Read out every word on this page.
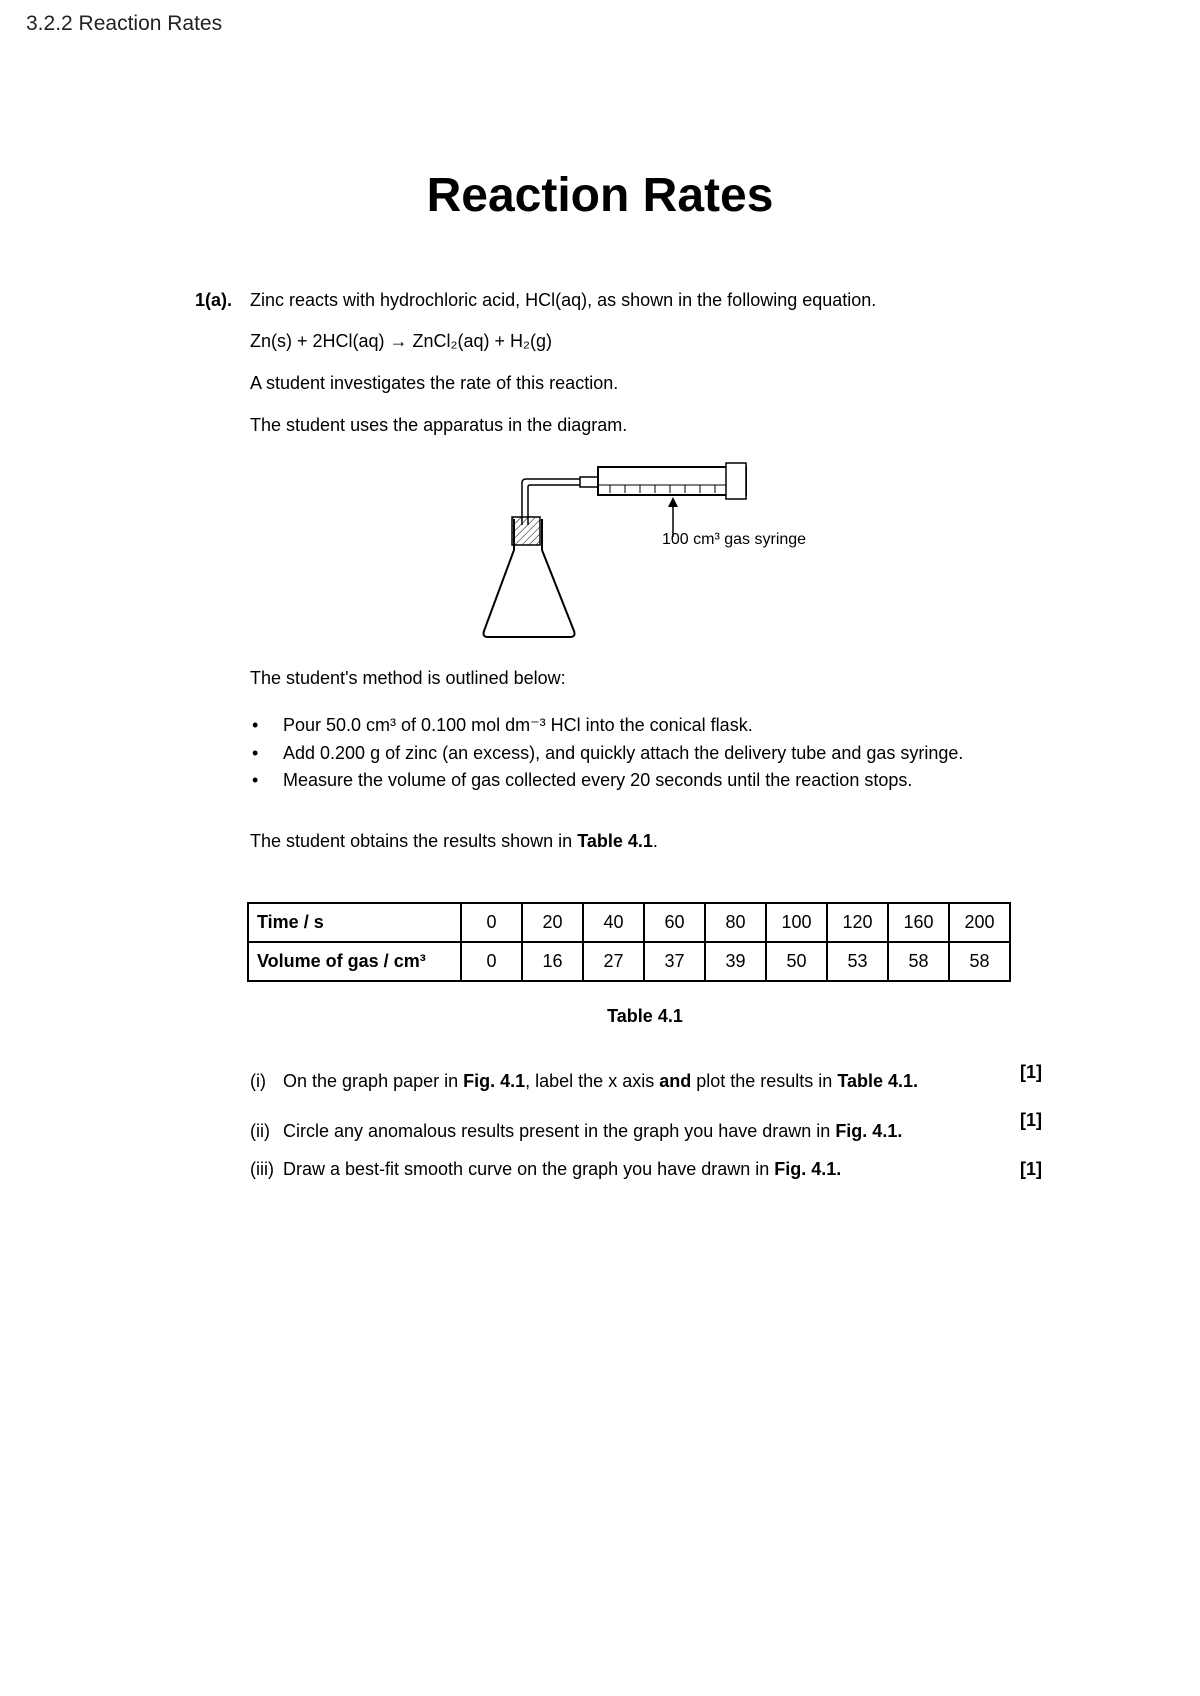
3.2.2 Reaction Rates
Reaction Rates
1(a). Zinc reacts with hydrochloric acid, HCl(aq), as shown in the following equation.
Zn(s) + 2HCl(aq) → ZnCl₂(aq) + H₂(g)
A student investigates the rate of this reaction.
The student uses the apparatus in the diagram.
100 cm³ gas syringe
The student's method is outlined below:
• Pour 50.0 cm³ of 0.100 mol dm⁻³ HCl into the conical flask.
• Add 0.200 g of zinc (an excess), and quickly attach the delivery tube and gas syringe.
• Measure the volume of gas collected every 20 seconds until the reaction stops.
The student obtains the results shown in Table 4.1.
Time / s	0	20	40	60	80	100	120	160	200
Volume of gas / cm³	0	16	27	37	39	50	53	58	58
Table 4.1
(i) On the graph paper in Fig. 4.1, label the x axis and plot the results in Table 4.1.	[1]
(ii) Circle any anomalous results present in the graph you have drawn in Fig. 4.1.
[1]
(iii) Draw a best-fit smooth curve on the graph you have drawn in Fig. 4.1.	[1]
